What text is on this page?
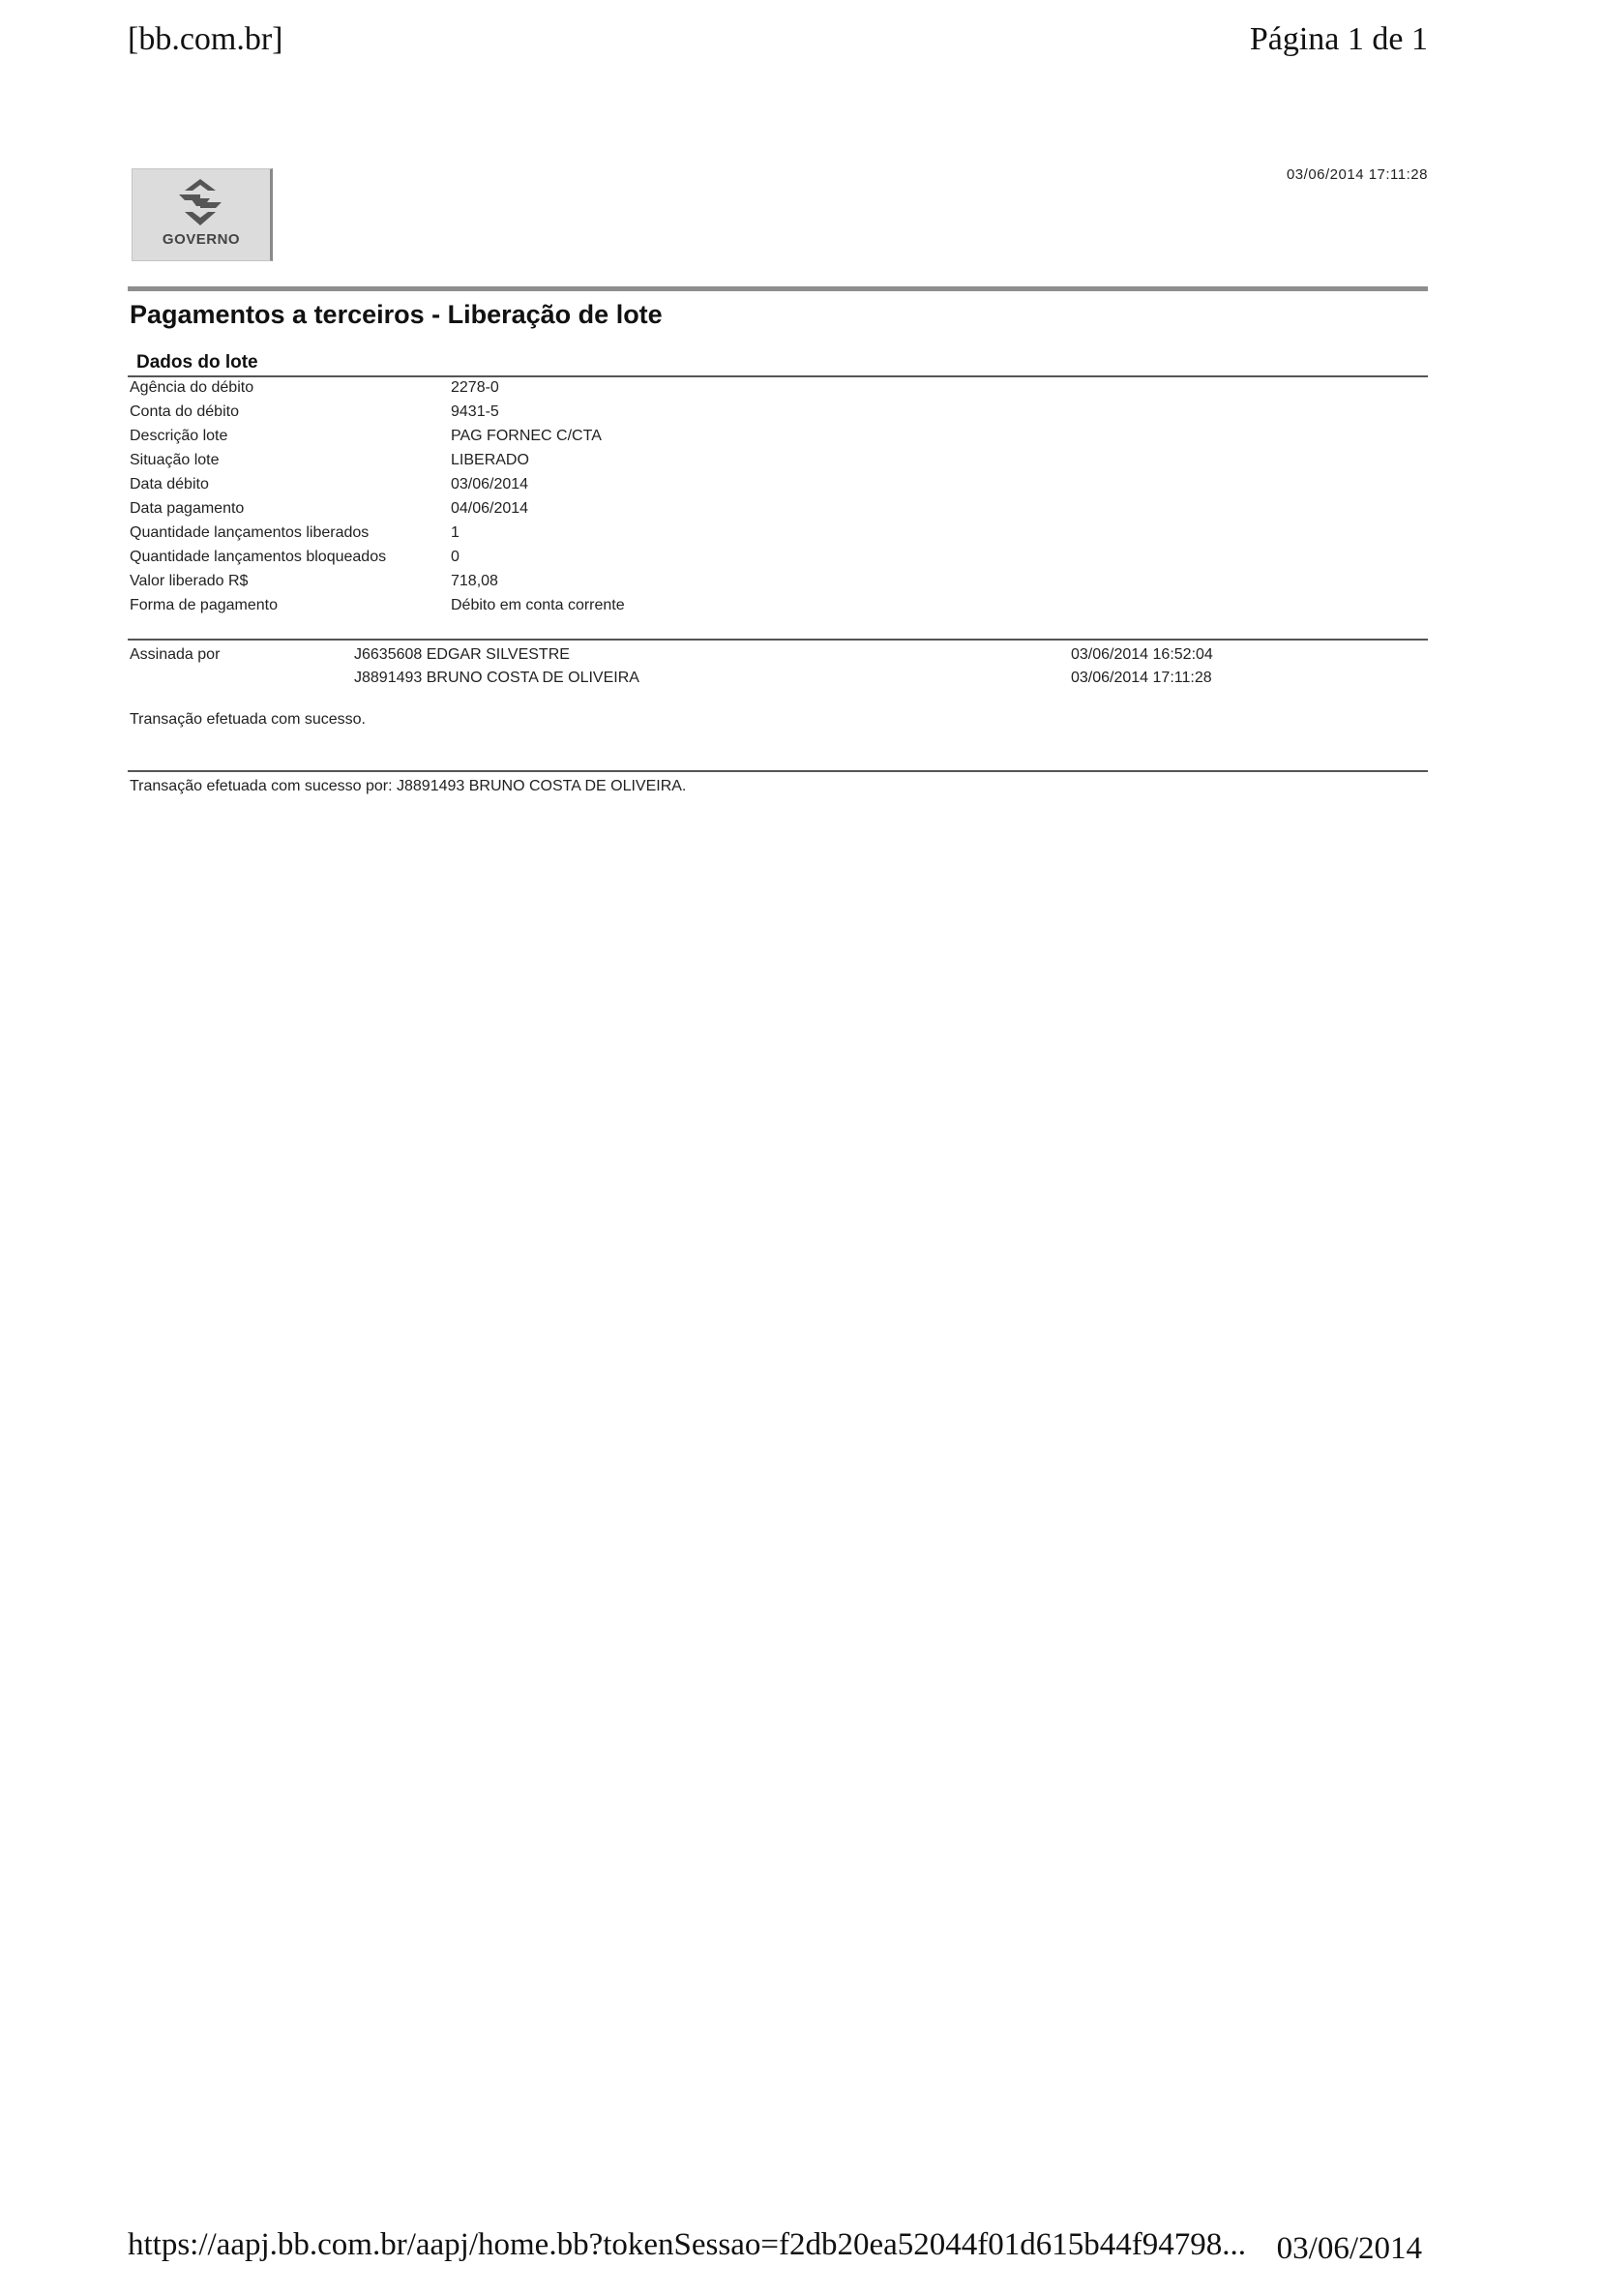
[bb.com.br]	Página 1 de 1
03/06/2014 17:11:28
GOVERNO
Pagamentos a terceiros - Liberação de lote
Dados do lote
Agência do débito	2278-0
Conta do débito	9431-5
Descrição lote	PAG FORNEC C/CTA
Situação lote	LIBERADO
Data débito	03/06/2014
Data pagamento	04/06/2014
Quantidade lançamentos liberados	1
Quantidade lançamentos bloqueados	0
Valor liberado R$	718,08
Forma de pagamento	Débito em conta corrente
Assinada por	J6635608 EDGAR SILVESTRE	03/06/2014 16:52:04
J8891493 BRUNO COSTA DE OLIVEIRA	03/06/2014 17:11:28
Transação efetuada com sucesso.
Transação efetuada com sucesso por: J8891493 BRUNO COSTA DE OLIVEIRA.
https://aapj.bb.com.br/aapj/home.bb?tokenSessao=f2db20ea52044f01d615b44f94798... 03/06/2014
